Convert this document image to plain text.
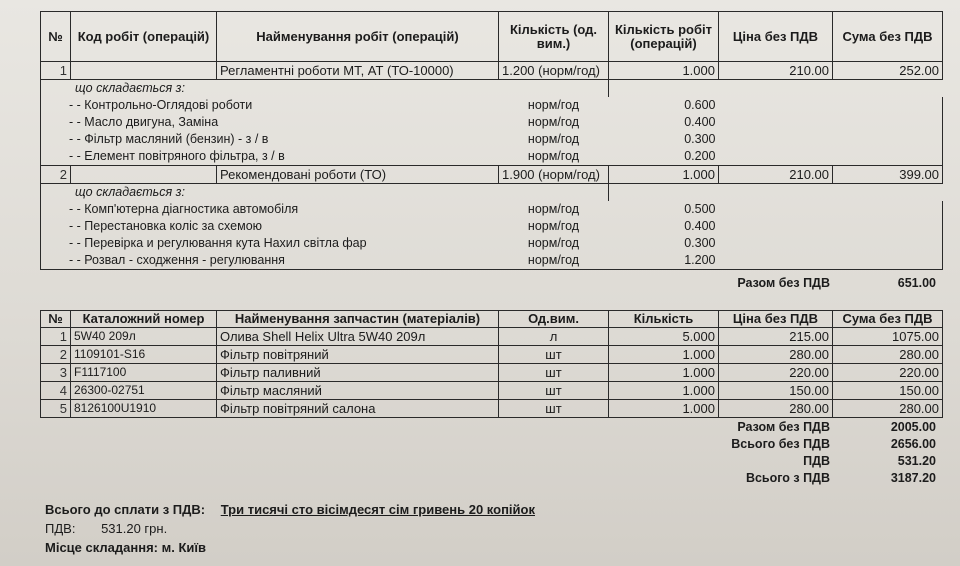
№	Код робіт (операцій)	Найменування робіт (операцій)	Кількість (од. вим.)	Кількість робіт (операцій)	Ціна без ПДВ	Сума без ПДВ
1		Регламентні роботи МТ, АТ (ТО-10000)	1.200 (норм/год)	1.000	210.00	252.00
що складається з:						
- - Контрольно-Оглядові роботи			норм/год	0.600		
- - Масло двигуна, Заміна			норм/год	0.400		
- - Фільтр масляний (бензин) - з / в			норм/год	0.300		
- - Елемент повітряного фільтра, з / в			норм/год	0.200		
2		Рекомендовані роботи (ТО)	1.900 (норм/год)	1.000	210.00	399.00
що складається з:						
- - Комп'ютерна діагностика автомобіля			норм/год	0.500		
- - Перестановка коліс за схемою			норм/год	0.400		
- - Перевірка и регулювання кута Нахил світла фар			норм/год	0.300		
- - Розвал - сходження - регулювання			норм/год	1.200		
Разом без ПДВ	651.00
№	Каталожний номер	Найменування запчастин (матеріалів)	Од.вим.	Кількість	Ціна без ПДВ	Сума без ПДВ
1	5W40 209л	Олива Shell Helix Ultra 5W40 209л	л	5.000	215.00	1075.00
2	1109101-S16	Фільтр повітряний	шт	1.000	280.00	280.00
3	F1117100	Фільтр паливний	шт	1.000	220.00	220.00
4	26300-02751	Фільтр масляний	шт	1.000	150.00	150.00
5	8126100U1910	Фільтр повітряний салона	шт	1.000	280.00	280.00
Разом без ПДВ	2005.00
Всього без ПДВ	2656.00
ПДВ	531.20
Всього з ПДВ	3187.20
Всього до сплати з ПДВ: Три тисячі сто вісімдесят сім гривень 20 копійок
ПДВ: 531.20 грн.
Місце складання: м. Київ
